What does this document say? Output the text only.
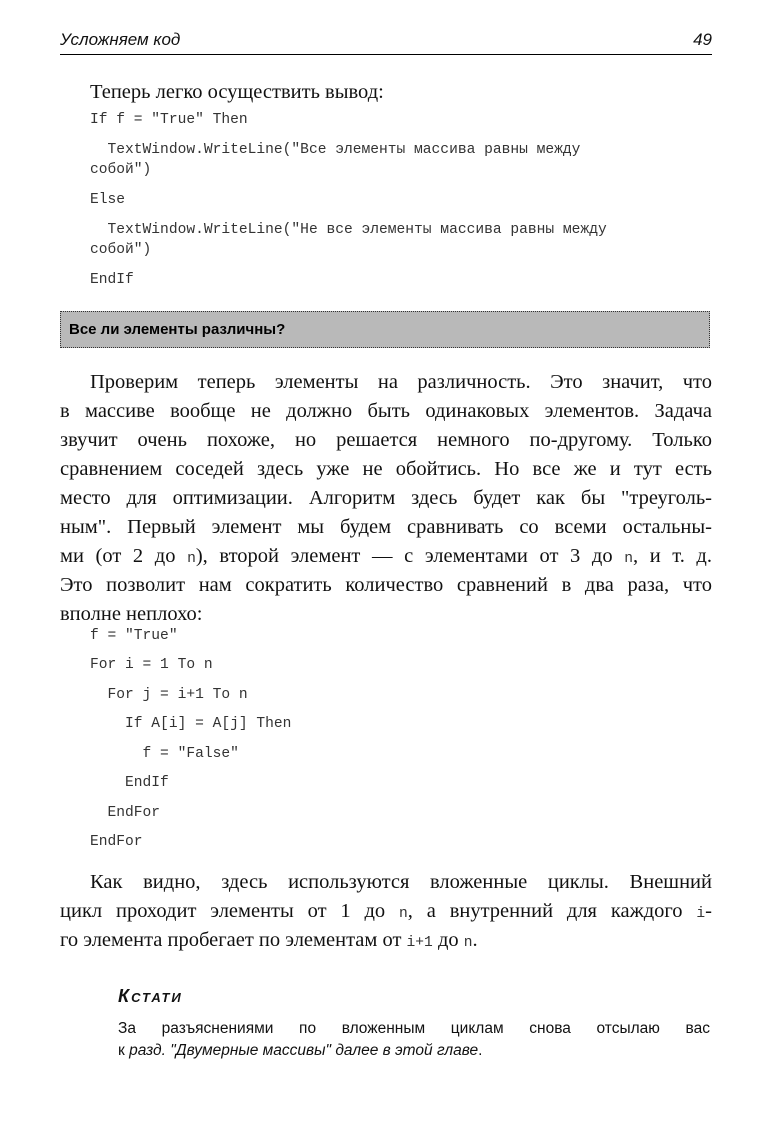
Усложняем код	49
Теперь легко осуществить вывод:
If f = "True" Then
TextWindow.WriteLine("Все элементы массива равны между
собой")
Else
TextWindow.WriteLine("Не все элементы массива равны между
собой")
EndIf
Все ли элементы различны?
Проверим теперь элементы на различность. Это значит, что
в массиве вообще не должно быть одинаковых элементов. Задача
звучит очень похоже, но решается немного по-другому. Только
сравнением соседей здесь уже не обойтись. Но все же и тут есть
место для оптимизации. Алгоритм здесь будет как бы "треуголь-
ным". Первый элемент мы будем сравнивать со всеми остальны-
ми (от 2 до n), второй элемент — с элементами от 3 до n, и т. д.
Это позволит нам сократить количество сравнений в два раза, что
вполне неплохо:
f = "True"
For i = 1 To n
For j = i+1 To n
If A[i] = A[j] Then
f = "False"
EndIf
EndFor
EndFor
Как видно, здесь используются вложенные циклы. Внешний
цикл проходит элементы от 1 до n, а внутренний для каждого i-
го элемента пробегает по элементам от i+1 до n.
Кстати
За разъяснениями по вложенным циклам снова отсылаю вас
к разд. "Двумерные массивы" далее в этой главе.
